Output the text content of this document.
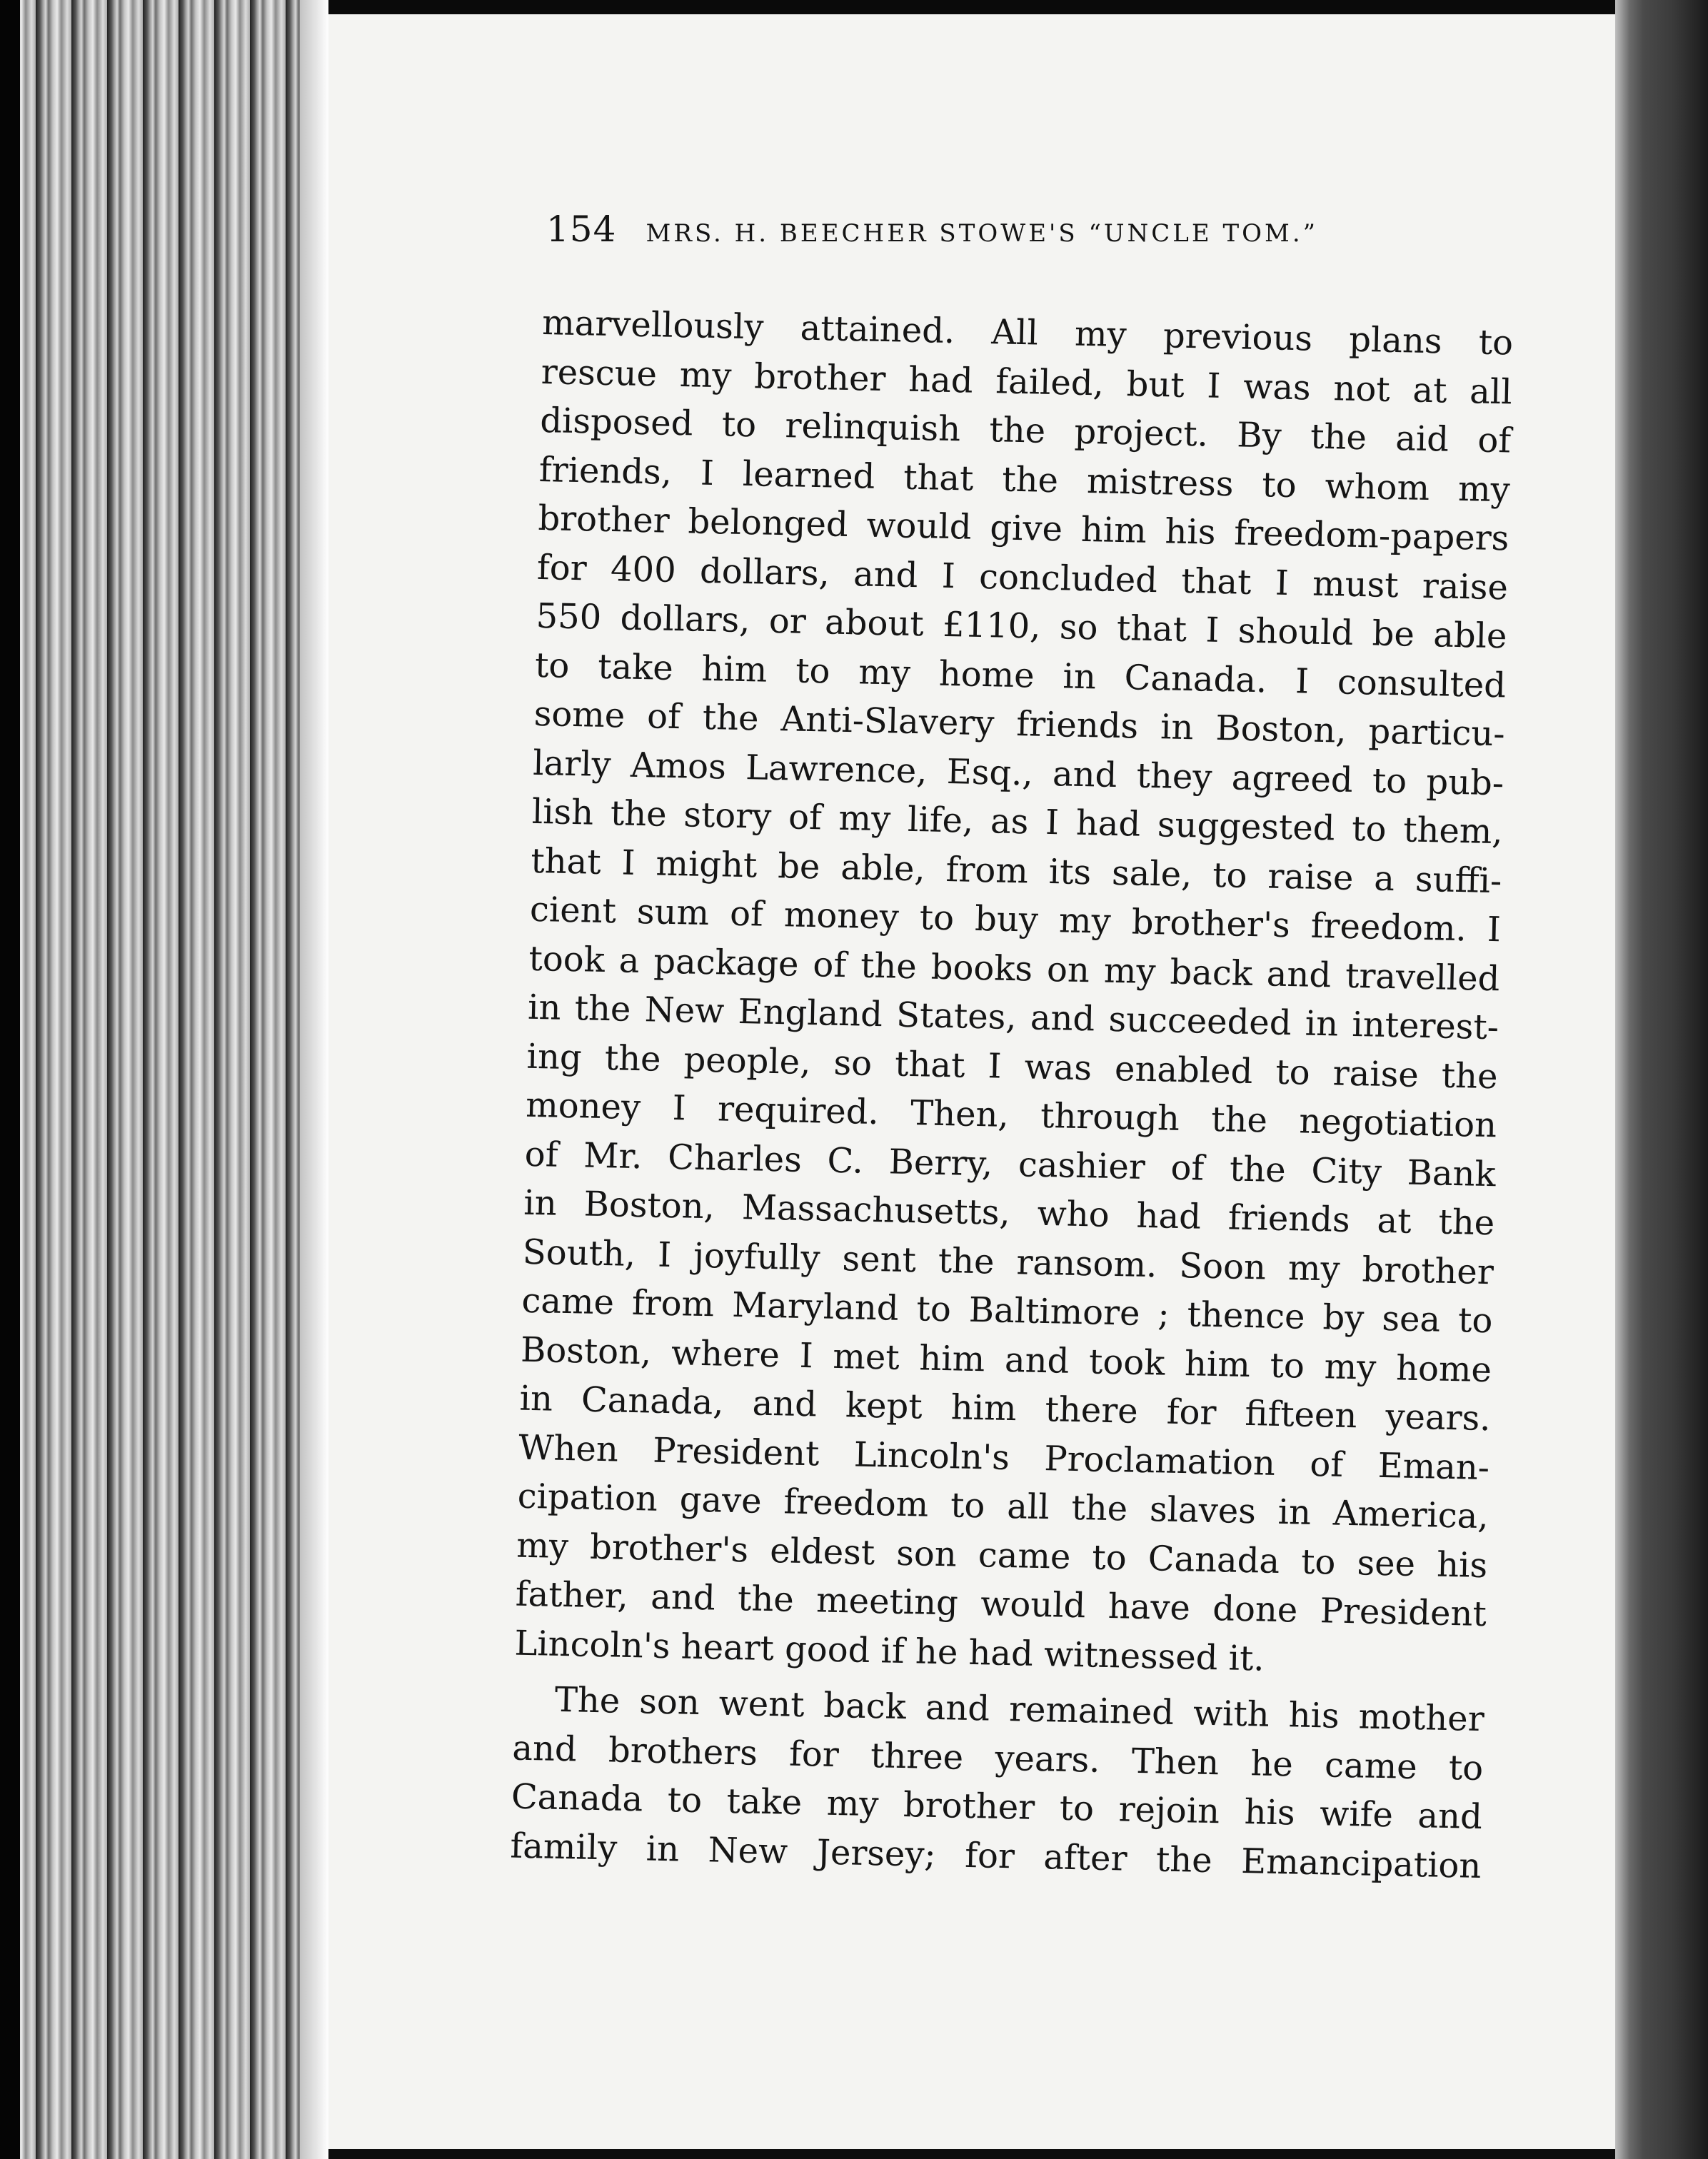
154 MRS. H. BEECHER STOWE'S “UNCLE TOM.”
marvellously attained. All my previous plans to
rescue my brother had failed, but I was not at all
disposed to relinquish the project. By the aid of
friends, I learned that the mistress to whom my
brother belonged would give him his freedom-papers
for 400 dollars, and I concluded that I must raise
550 dollars, or about £110, so that I should be able
to take him to my home in Canada. I consulted
some of the Anti-Slavery friends in Boston, particu-
larly Amos Lawrence, Esq., and they agreed to pub-
lish the story of my life, as I had suggested to them,
that I might be able, from its sale, to raise a suffi-
cient sum of money to buy my brother's freedom. I
took a package of the books on my back and travelled
in the New England States, and succeeded in interest-
ing the people, so that I was enabled to raise the
money I required. Then, through the negotiation
of Mr. Charles C. Berry, cashier of the City Bank
in Boston, Massachusetts, who had friends at the
South, I joyfully sent the ransom. Soon my brother
came from Maryland to Baltimore ; thence by sea to
Boston, where I met him and took him to my home
in Canada, and kept him there for fifteen years.
When President Lincoln's Proclamation of Eman-
cipation gave freedom to all the slaves in America,
my brother's eldest son came to Canada to see his
father, and the meeting would have done President
Lincoln's heart good if he had witnessed it.
The son went back and remained with his mother
and brothers for three years. Then he came to
Canada to take my brother to rejoin his wife and
family in New Jersey; for after the Emancipation
